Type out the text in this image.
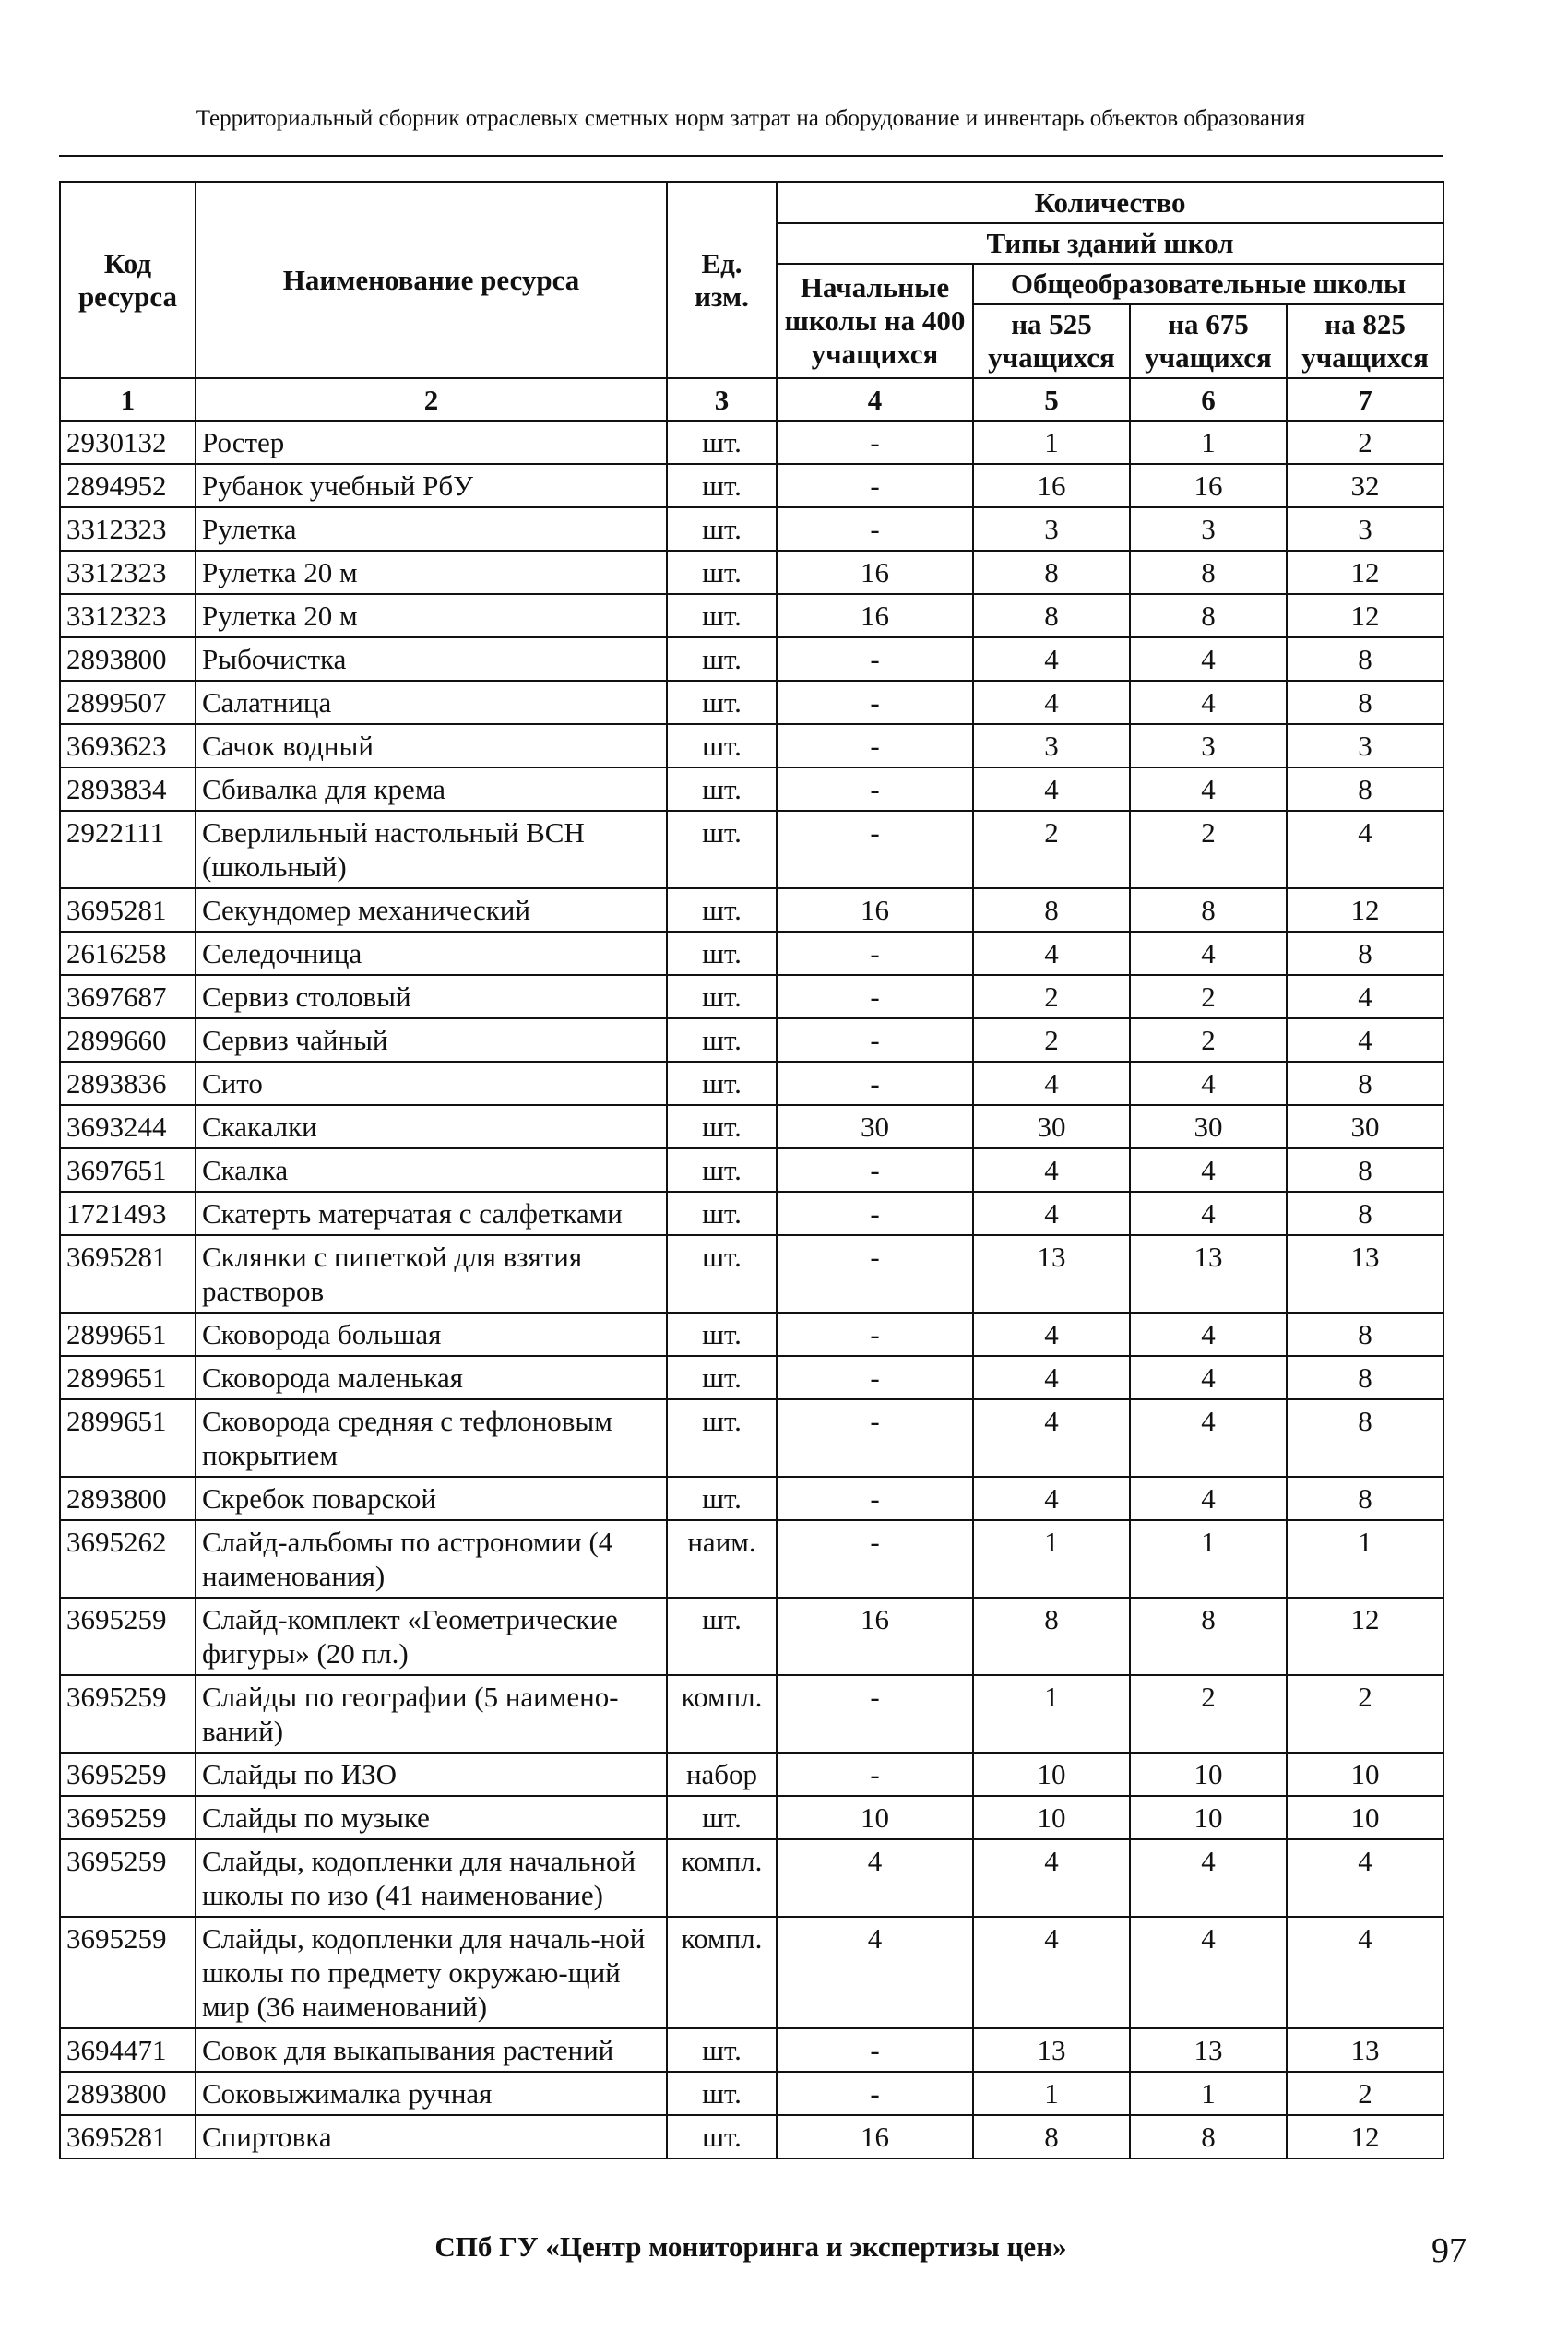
Территориальный сборник отраслевых сметных норм затрат на оборудование и инвентарь объектов образования
Код ресурса	Наименование ресурса	Ед. изм.	Количество			
			Типы зданий школ			
			Начальные школы на 400 учащихся	Общеобразовательные школы		
				на 525 учащихся	на 675 учащихся	на 825 учащихся
1	2	3	4	5	6	7
2930132	Ростер	шт.	-	1	1	2
2894952	Рубанок учебный РбУ	шт.	-	16	16	32
3312323	Рулетка	шт.	-	3	3	3
3312323	Рулетка 20 м	шт.	16	8	8	12
3312323	Рулетка 20 м	шт.	16	8	8	12
2893800	Рыбочистка	шт.	-	4	4	8
2899507	Салатница	шт.	-	4	4	8
3693623	Сачок водный	шт.	-	3	3	3
2893834	Сбивалка для крема	шт.	-	4	4	8
2922111	Сверлильный настольный ВСН (школьный)	шт.	-	2	2	4
3695281	Секундомер механический	шт.	16	8	8	12
2616258	Селедочница	шт.	-	4	4	8
3697687	Сервиз столовый	шт.	-	2	2	4
2899660	Сервиз чайный	шт.	-	2	2	4
2893836	Сито	шт.	-	4	4	8
3693244	Скакалки	шт.	30	30	30	30
3697651	Скалка	шт.	-	4	4	8
1721493	Скатерть матерчатая с салфетками	шт.	-	4	4	8
3695281	Склянки с пипеткой для взятия растворов	шт.	-	13	13	13
2899651	Сковорода большая	шт.	-	4	4	8
2899651	Сковорода маленькая	шт.	-	4	4	8
2899651	Сковорода средняя с тефлоновым покрытием	шт.	-	4	4	8
2893800	Скребок поварской	шт.	-	4	4	8
3695262	Слайд-альбомы по астрономии (4 наименования)	наим.	-	1	1	1
3695259	Слайд-комплект «Геометрические фигуры» (20 пл.)	шт.	16	8	8	12
3695259	Слайды по географии (5 наимено-ваний)	компл.	-	1	2	2
3695259	Слайды по ИЗО	набор	-	10	10	10
3695259	Слайды по музыке	шт.	10	10	10	10
3695259	Слайды, кодопленки для начальной школы по изо (41 наименование)	компл.	4	4	4	4
3695259	Слайды, кодопленки для началь-ной школы по предмету окружаю-щий мир (36 наименований)	компл.	4	4	4	4
3694471	Совок для выкапывания растений	шт.	-	13	13	13
2893800	Соковыжималка ручная	шт.	-	1	1	2
3695281	Спиртовка	шт.	16	8	8	12
СПб ГУ «Центр мониторинга и экспертизы цен»	97
